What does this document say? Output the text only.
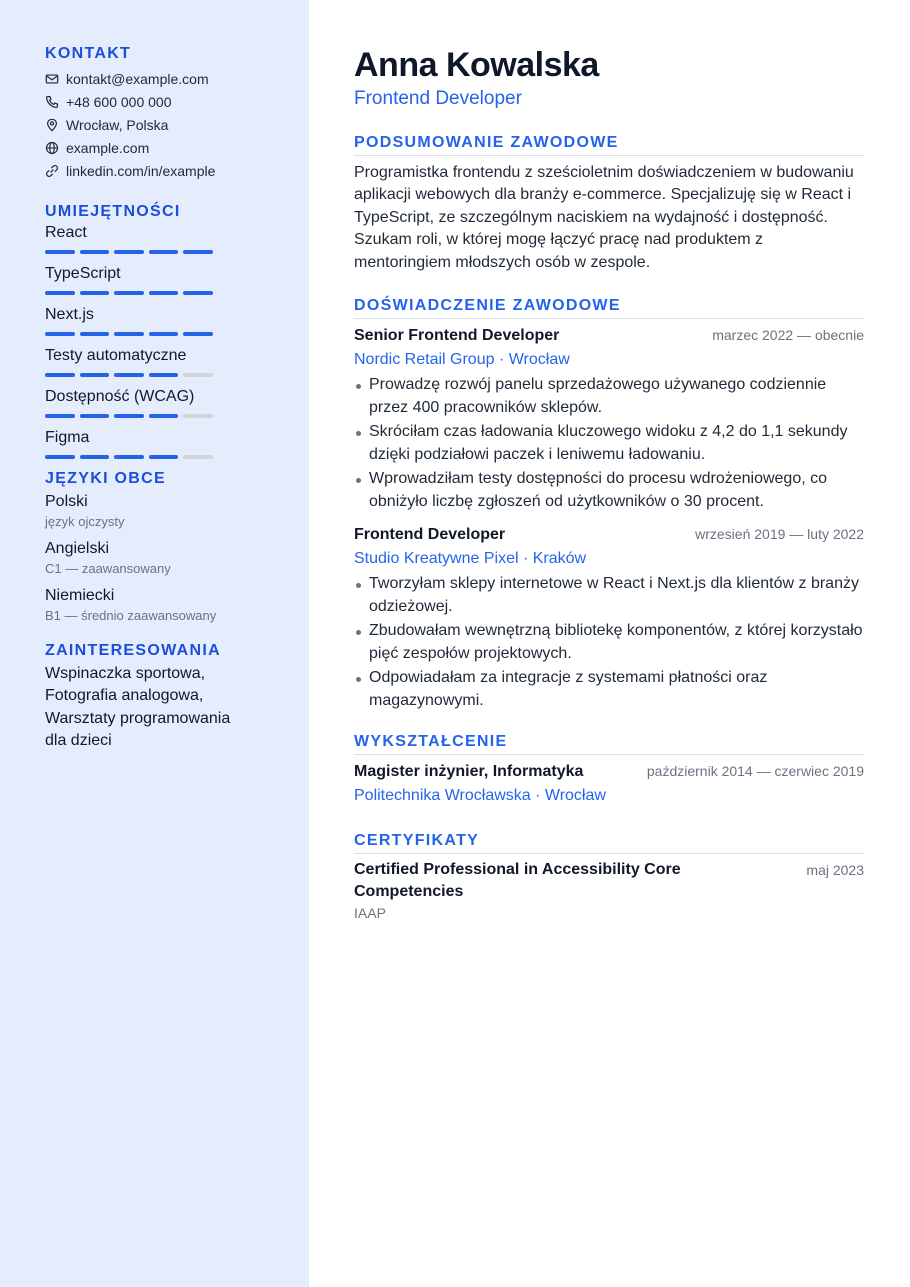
KONTAKT
kontakt@example.com
+48 600 000 000
Wrocław, Polska
example.com
linkedin.com/in/example
UMIEJĘTNOŚCI
React
TypeScript
Next.js
Testy automatyczne
Dostępność (WCAG)
Figma
JĘZYKI OBCE
Polski
język ojczysty
Angielski
C1 — zaawansowany
Niemiecki
B1 — średnio zaawansowany
ZAINTERESOWANIA

Wspinaczka sportowa, Fotografia analogowa, Warsztaty programowania dla dzieci

Anna Kowalska
Frontend Developer
PODSUMOWANIE ZAWODOWE

Programistka frontendu z sześcioletnim doświadczeniem w budowaniu aplikacji webowych dla branży e-commerce. Specjalizuję się w React i TypeScript, ze szczególnym naciskiem na wydajność i dostępność. Szukam roli, w której mogę łączyć pracę nad produktem z mentoringiem młodszych osób w zespole.

DOŚWIADCZENIE ZAWODOWE
Senior Frontend Developer	marzec 2022 — obecnie
Nordic Retail Group · Wrocław
Prowadzę rozwój panelu sprzedażowego używanego codziennie przez 400 pracowników sklepów.
Skróciłam czas ładowania kluczowego widoku z 4,2 do 1,1 sekundy dzięki podziałowi paczek i leniwemu ładowaniu.
Wprowadziłam testy dostępności do procesu wdrożeniowego, co obniżyło liczbę zgłoszeń od użytkowników o 30 procent.
Frontend Developer	wrzesień 2019 — luty 2022
Studio Kreatywne Pixel · Kraków
Tworzyłam sklepy internetowe w React i Next.js dla klientów z branży odzieżowej.
Zbudowałam wewnętrzną bibliotekę komponentów, z której korzystało pięć zespołów projektowych.
Odpowiadałam za integracje z systemami płatności oraz magazynowymi.
WYKSZTAŁCENIE
Magister inżynier, Informatyka	październik 2014 — czerwiec 2019
Politechnika Wrocławska · Wrocław
CERTYFIKATY
Certified Professional in Accessibility Core Competencies
maj 2023
IAAP
